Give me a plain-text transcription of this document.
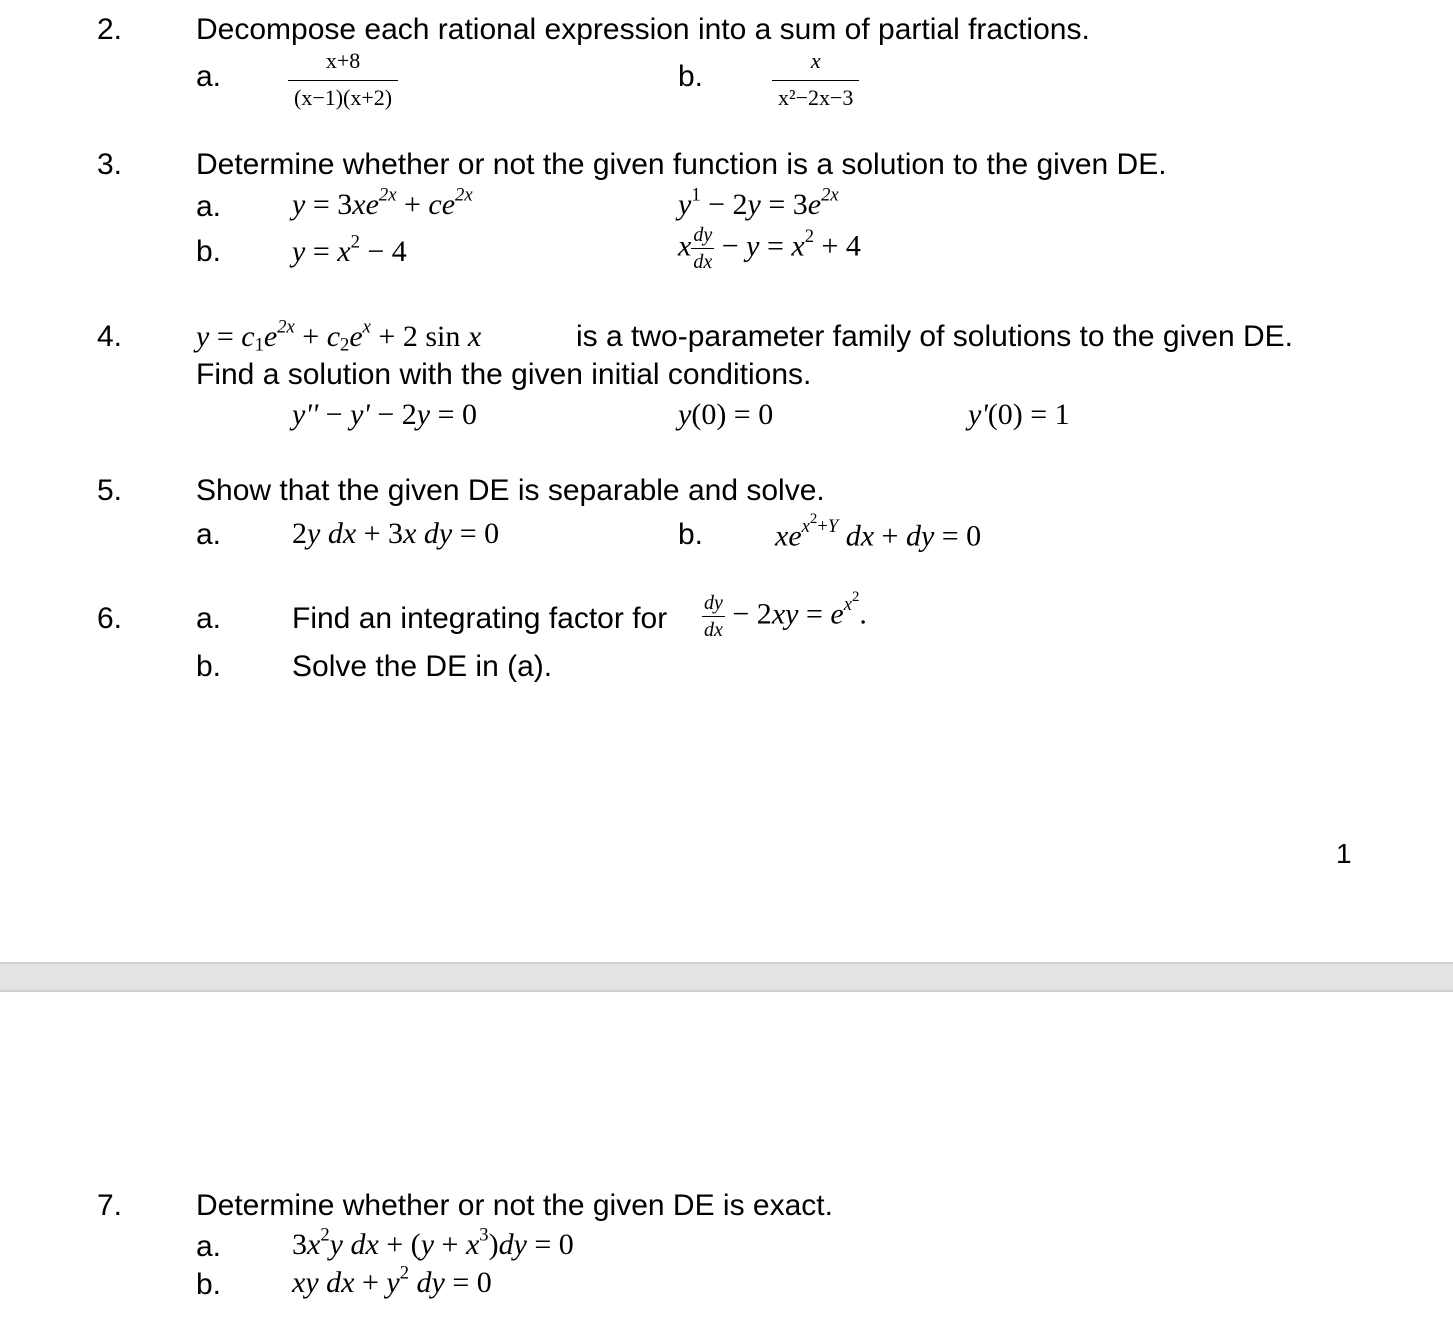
2. Decompose each rational expression into a sum of partial fractions.
a.	$\frac{x+8}{(x-1)(x+2)}$	b.	$\frac{x}{\text{x²−2x−3}}$
3. Determine whether or not the given function is a solution to the given DE.
a. $y = 3xe^{2x} + ce^{2x}$	$y^1 - 2y = 3e^{2x}$
b. $y = x^2 - 4$	x $\frac{dy}{dx} - y = x^2 + 4$
4. $y = c_1e^{2x} + c_2e^x + 2$ sin x	is a two-parameter family of solutions to the given DE.
Find a solution with the given initial conditions.
y'' − y' − 2y = 0	y(0) = 0	y'(0) = 1
5. Show that the given DE is separable and solve.
a. 2y dx + 3x dy = 0	b. $xe^{x^2+Y}$ dx + dy = 0
6. a. Find an integrating factor for $\frac{dy}{dx} - 2xy = e^{x^2}$.
b. Solve the DE in (a).
1
7. Determine whether or not the given DE is exact.
a. $3x^2y$ dx + $(y + x^3)dy = 0$
b. xy dx + $y^2$ dy = 0
